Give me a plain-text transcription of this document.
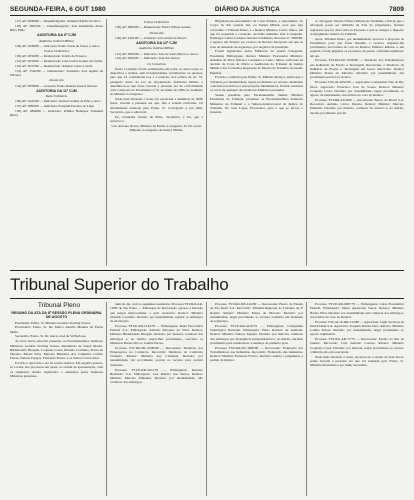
SEGUNDA-FEIRA, 6 OUT 1980	DIÁRIO DA JUSTIÇA	7809

127) AF. 2846/80 — Desembargador: Aldemar Egídio da Silva

128) AF. 3891/80 — Desembargador: José Guimarães Alves Brito Filho

AUDITORIA DA 6ª CJM

Auditoria Judicial Militar

129) AF. 1848/80 — Indiciado: Paulo Vilela de Sousa e outros

Fomos Ordinários

130) AF. 2830/80 — Denunciado: Ivaldo da Fonseca

131) AF. 3036/80 — Denunciado: Luiz Carlos Gomes da Cunha

132) AF. 3037/80 — Denunciado: Ademar Carlos Cabral

133) AF. 3502/80 — Denunciado: Sebastião José Aguiar de Oliveira

Desserção

134) AF. 3838/80 — Acusado: Paulo Rubens Guerra Moraes

AUDITORIA DA 11ª CJM

Rede Ordinária

136) AF. 1641/80 — Indiciado: Juvenal Gomes de Pilar e outro

137) AF. 3880/80 — Indiciado: Ezequiel Ferreira de Lima

138) AF. 3896/80 — Indiciado: Wilmar Henrique Tomazini (Réu)

Fomos Ordinários

139) AF. 3863/80 — Denunciado: Paulo Wilson Gomes

Desserção

140) AF. 2301/80 — Acusado: João André de Moura

AUDITORIA DA 12ª CJM

Auditoria Judicial Militar

141) AF. 3802/80 — Indiciado: João de Assis Barros e outros

142) AF. 3803/80 — Indiciado: José dos Santos

Os Conselhos

Nesta Correição foram examinados em todos os autos todos os despachos e termos, sem irregularidades, reclamações ou queixas, pelo que foi considerada boa a Correição, nos termos do art. 53, parágrafo único da Lei de Organização Judiciária Militar, e determinou-se que fosse lavrada a presente ata de conformidade com o disposto no Provimento nº 01 de Junho de 1980, no Gabinete do Ministro Corregedor.

Nada mais havendo a tratar, foi encerrada a audiência às 18:00 horas, lavrada a presente ata que, lida e achada conforme, vai devidamente assinada pelo Exmo. Sr. Corregedor e por mim, Secretário, que a subscrevi.

Eu, Clemente Jacinto de Brito, Secretário, e Eu, que a subscrevo.

Gal. Antonio Neves, Ministro de Estado Corregedor, Sr. Dr. Lucas Pimenta, Corregedor da Justiça Militar.

Brigadeiro-da-Aeronáutica de Corte Paraíba, e Aeronáutico do Corpo do Rio Grande Sul, na Justiça Militar, para que seja concedido o Tribunal Pleno, e o Relator Ministro Castro Júnior, em que foi requerida a correição. Acórdão unânime. Juiz Corregedor. Embargos Carlos Campos, Recurso Ordinário, Processo nº 3838/80, e Agravo em Petição por recurso de Revista interposto em que se trata de mandado de segurança, por negativa de prestação.

Foram registrados pelos Ministros da sessão Colegiada, Presidente Embargante. Relator Ministro Procurador Ministro: Aldemar da Silva, Ribeiro, Cerqueira e Castro Júnior, com base na decisão da Corte de Ofício e Auditorias do Tribunal de Justiça Militar e dos Conselhos Regionais do Direito do Trabalho, da sessão Plenária.

Foi lido o relatório pelo Exmo. Sr. Ministro Relator, sendo que o Tribunal, por unanimidade, negou provimento ao recurso, mantendo a decisão recorrida por seus próprios fundamentos, ficando vencidos os votos de qualquer dos Senhores Ministros presentes.

Sessão presidida pelo Excelentíssimo Senhor Ministro Presidente do Tribunal, presentes os Excelentíssimos Senhores Ministros do Tribunal e o Subprocurador-Geral da Justiça do Trabalho, Dr. José Lopes, Procurador, para o que se lavrou o presente.

ao advogado, Doutor Ubiraci Ribeiro de Saldanha, a fim de que a advogada possa ser intimada da data do julgamento, ficando registrado que foi dada vista ao Processo e que se cumpra o disposto no Regimento Interno do Tribunal.

Após, Tribunal Pleno, por unanimidade, aprovou a proposta da Presidência para que fosse mantido o recurso, negando-lhe provimento, nos termos do voto do Relator, Ministro Relator, e, em seguida, foram julgados os processos da pauta, conforme registrado em ata.

Processo TST-RO-DC-3538/80 — Sindicato dos Trabalhadores nas Indústrias de Fiação e Tecelagem, Recorrente, e Sindicato da Indústria de Fiação e Tecelagem em Geral, Recorrido. Relator Ministro Prates de Macedo. Decisão: por unanimidade, dar provimento parcial ao recurso.

Processo TST-AI-4052/80 — Agravante: Companhia Vale do Rio Doce. Agravado: Francisco José de Souza. Relator: Ministro Coqueijo Costa. Decisão: por unanimidade, negar provimento ao agravo de instrumento, nos termos do voto do Relator.

Processo TST-RR-2216/80 — Recorrente: Banco do Brasil S.A. Recorrido: Antônio Carlos Pereira. Relator: Ministro Marcelo Pimentel. Decisão: por maioria, conhecer do recurso e, no mérito, dar-lhe provimento parcial.

Tribunal Superior do Trabalho

Tribunal Pleno

RESUMO DA ATA DA 8ª SESSÃO PLENA ORDINÁRIA DE AGOSTO

Presidente: Exmo. Sr. Ministro Geraldo Starling Soares.

Procurador: Exmo. Sr. Dr. Marco Aurélio Mendes de Farias Mello.

Secretário: Exmo. Sr. Dr. Inácio José de Sá Barbosa.

Às nove horas estavam presentes os Excelentíssimos Senhores Ministros Geraldo Starling Soares, Raymundo de Souza Moura, Hildebrando Bisaglia, Coqueijo Costa, Orlando Coutinho, Prates de Macedo, Barata Silva, Marcelo Pimentel, Ary Campista, Lomba Ferraz, Nelson Tapajós, Fernando Franco e os Juízes Convocados.

Foi lida e aprovada a ata da sessão anterior. Em seguida passou-se a tratar dos processos em pauta, na ordem de apresentação, com os resultados abaixo registrados e assinados pelos Senhores Ministros presentes.

dem do dia, com os seguintes resultados: Processo TST-RO-AR-10/80 de São Paulo — Embargos de Declaração opostos à Decisão que julgou improcedente a ação rescisória. Relator: Ministro Orlando Coutinho. Decisão: por unanimidade, rejeitar os embargos de declaração.

Processo TST-E-RR-1544/79 — Embargante: Rede Ferroviária Federal S.A. Embargado: Antônio Marques da Silva. Relator: Ministro Hildebrando Bisaglia. Decisão: por maioria, conhecer dos embargos e, no mérito, negar-lhes provimento, vencidos os Ministros Barata Silva e Lomba Ferraz.

Processo TST-RO-DC-2200/80 — Recorrente: Sindicato dos Empregados no Comércio. Recorrido: Sindicato do Comércio Varejista. Relator: Ministro Ary Campista. Decisão: por unanimidade, dar provimento parcial ao recurso para excluir cláusulas.

Processo TST-E-RR-3012/79 — Embargante: Petróleo Brasileiro S.A. Embargado: José Ribeiro dos Santos. Relator: Ministro Marcelo Pimentel. Decisão: por unanimidade, não conhecer dos embargos.

Processo TST-RO-MS-144/80 — Recorrente: Banco do Estado de São Paulo S.A. Recorrido: Tribunal Regional do Trabalho da 2ª Região. Relator: Ministro Prates de Macedo. Decisão: por unanimidade, negar provimento ao recurso ordinário em mandado de segurança.

Processo TST-E-RR-4410/79 — Embargante: Companhia Siderúrgica Nacional. Embargado: Paulo Roberto de Andrade. Relator: Ministro Nelson Tapajós. Decisão: por maioria, conhecer dos embargos por divergência jurisprudencial e, no mérito, dar-lhes provimento para restabelecer a sentença de primeiro grau.

Processo TST-RO-DC-3090/80 — Recorrente: Federação dos Trabalhadores nas Indústrias. Recorrido: Federação das Indústrias. Relator: Ministro Fernando Franco. Decisão: adiado o julgamento a pedido do Relator.

Processo TST-E-RR-2987/79 — Embargante: Caixa Econômica Federal. Embargado: Maria Aparecida Souza. Relator: Ministro Barata Silva. Decisão: por unanimidade, não conhecer dos embargos, nos termos do voto do Relator.

Processo TST-AG-E-RR-512/80 — Agravante: Light Serviços de Eletricidade S.A. Agravado: Joaquim Pereira Neto. Relator: Ministro Lomba Ferraz. Decisão: por unanimidade, negar provimento ao agravo regimental.

Processo TST-RO-AR-77/79 — Recorrente: Estado do Rio de Janeiro. Recorrido: Luiz Antônio Correia. Relator: Ministro Coqueijo Costa. Decisão: por maioria, negar provimento ao recurso ordinário em ação rescisória.

Nada mais havendo a tratar, encerrou-se a sessão às doze horas, sendo lavrada a presente ata que vai assinada pelo Exmo. Sr. Ministro Presidente e por mim, Secretário.
